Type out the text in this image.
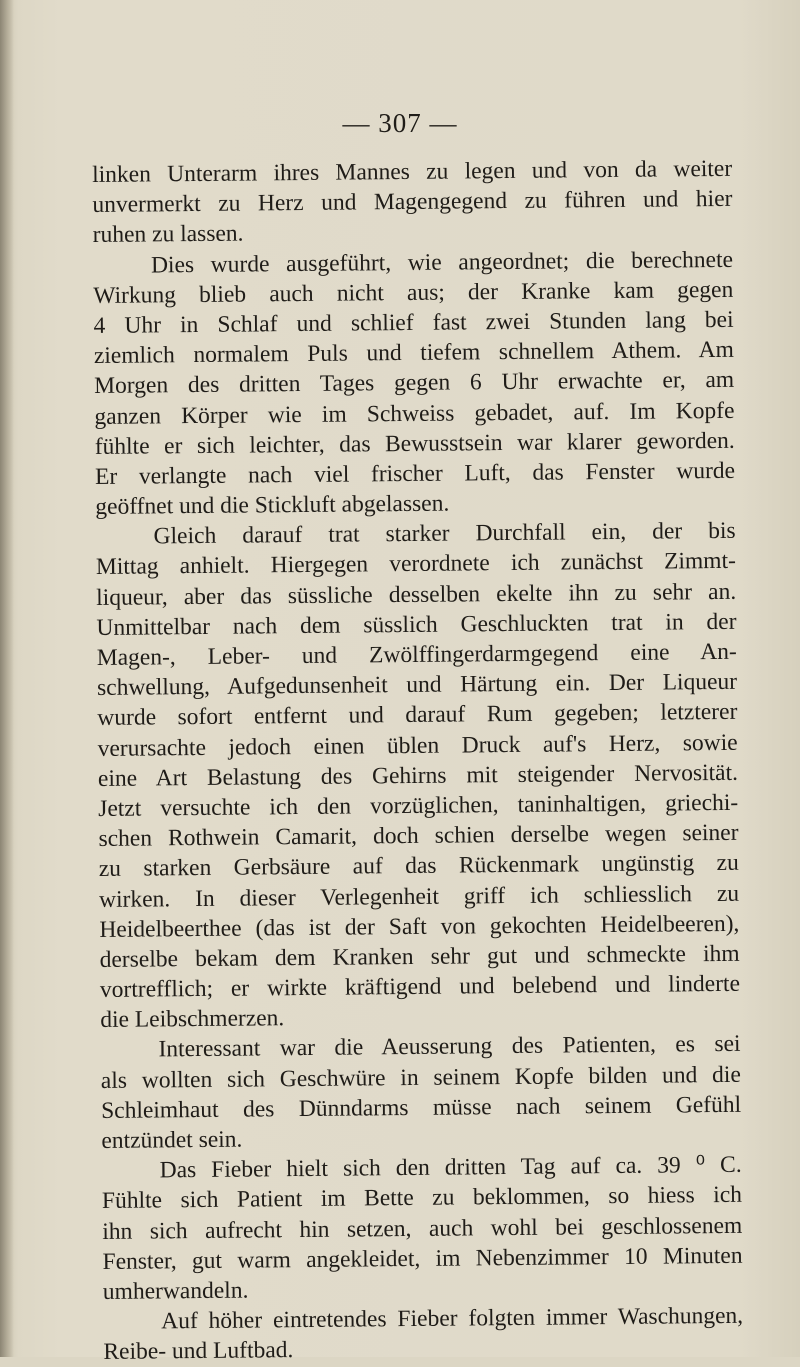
— 307 —
linken Unterarm ihres Mannes zu legen und von da weiter
unvermerkt zu Herz und Magengegend zu führen und hier
ruhen zu lassen.
Dies wurde ausgeführt, wie angeordnet; die berechnete
Wirkung blieb auch nicht aus; der Kranke kam gegen
4 Uhr in Schlaf und schlief fast zwei Stunden lang bei
ziemlich normalem Puls und tiefem schnellem Athem. Am
Morgen des dritten Tages gegen 6 Uhr erwachte er, am
ganzen Körper wie im Schweiss gebadet, auf. Im Kopfe
fühlte er sich leichter, das Bewusstsein war klarer geworden.
Er verlangte nach viel frischer Luft, das Fenster wurde
geöffnet und die Stickluft abgelassen.
Gleich darauf trat starker Durchfall ein, der bis
Mittag anhielt. Hiergegen verordnete ich zunächst Zimmt-
liqueur, aber das süssliche desselben ekelte ihn zu sehr an.
Unmittelbar nach dem süsslich Geschluckten trat in der
Magen-, Leber- und Zwölffingerdarmgegend eine An-
schwellung, Aufgedunsenheit und Härtung ein. Der Liqueur
wurde sofort entfernt und darauf Rum gegeben; letzterer
verursachte jedoch einen üblen Druck auf's Herz, sowie
eine Art Belastung des Gehirns mit steigender Nervosität.
Jetzt versuchte ich den vorzüglichen, taninhaltigen, griechi-
schen Rothwein Camarit, doch schien derselbe wegen seiner
zu starken Gerbsäure auf das Rückenmark ungünstig zu
wirken. In dieser Verlegenheit griff ich schliesslich zu
Heidelbeerthee (das ist der Saft von gekochten Heidelbeeren),
derselbe bekam dem Kranken sehr gut und schmeckte ihm
vortrefflich; er wirkte kräftigend und belebend und linderte
die Leibschmerzen.
Interessant war die Aeusserung des Patienten, es sei
als wollten sich Geschwüre in seinem Kopfe bilden und die
Schleimhaut des Dünndarms müsse nach seinem Gefühl
entzündet sein.
Das Fieber hielt sich den dritten Tag auf ca. 39 ⁰ C.
Fühlte sich Patient im Bette zu beklommen, so hiess ich
ihn sich aufrecht hin setzen, auch wohl bei geschlossenem
Fenster, gut warm angekleidet, im Nebenzimmer 10 Minuten
umherwandeln.
Auf höher eintretendes Fieber folgten immer Waschungen,
Reibe- und Luftbad.
